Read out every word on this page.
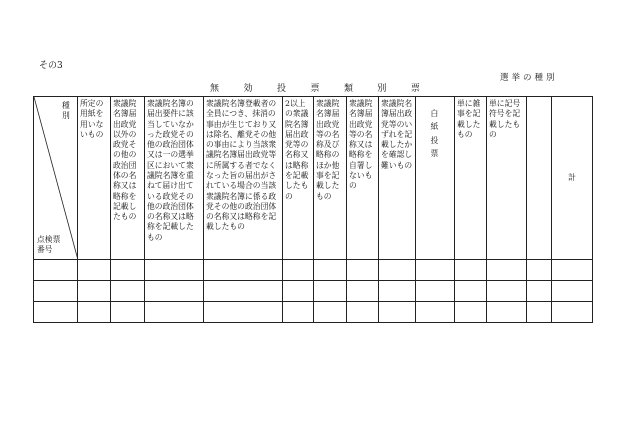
その3
選挙の種別
無	効	投	票	類	別	票
種別
点検票番号	所定の用紙を用いないもの	衆議院名簿届出政党以外の政党その他の政治団体の名称又は略称を記載したもの	衆議院名簿の届出要件に該当していなかった政党その他の政治団体又は一の選挙区において衆議院名簿を重ねて届け出ている政党その他の政治団体の名称又は略称を記載したもの	衆議院名簿登載者の全員につき、抹消の事由が生じており又は除名、離党その他の事由により当該衆議院名簿届出政党等に所属する者でなくなった旨の届出がされている場合の当該衆議院名簿に係る政党その他の政治団体の名称又は略称を記載したもの	2以上の衆議院名簿届出政党等の名称又は略称を記載したもの	衆議院名簿届出政党等の名称及び略称のほか他事を記載したもの	衆議院名簿届出政党等の名称又は略称を自署しないもの	衆議院名簿届出政党等のいずれを記載したかを確認し難いもの	白紙投票	単に雑事を記載したもの	単に記号符号を記載したもの		計
